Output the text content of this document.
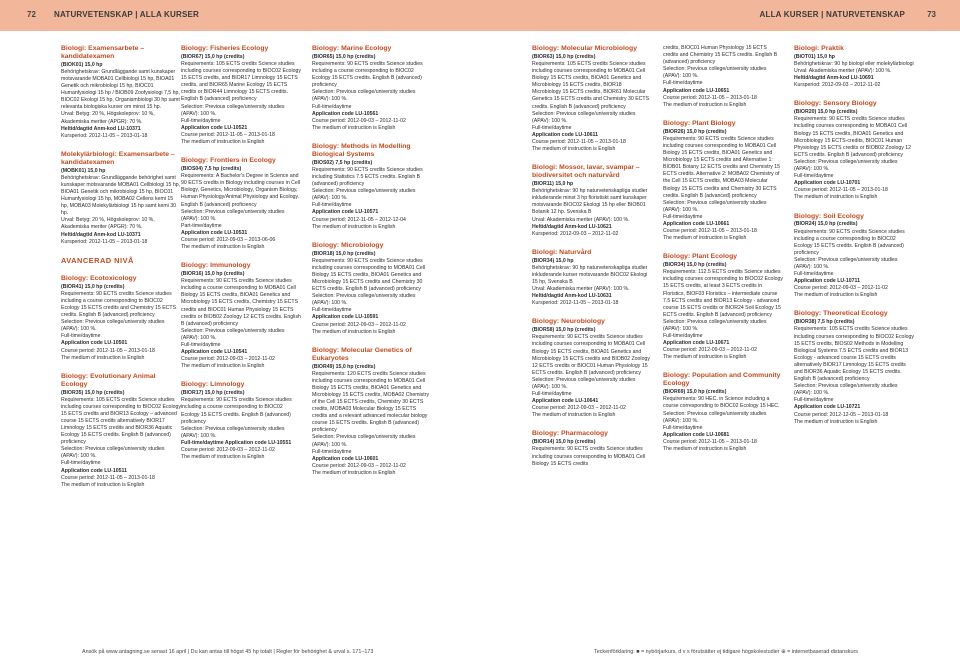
72 NATURVETENSKAP | ALLA KURSER	ALLA KURSER | NATURVETENSKAP	73
Biologi: Examensarbete – kandidatexamen
(BIOK01) 15,0 hp
Behörighetskrav: Grundläggande samt kunskaper motsvarande MOBA01 Cellbiologi 15 hp, BIOA01 Genetik och mikrobiologi 15 hp, BIOC01 Humanfysiologi 15 hp / BIOB09 Zoofysiologi 7,5 hp, BIOC02 Ekologi 15 hp, Organismbiologi 30 hp samt relevanta biologiska kurser om minst 15 hp.
Urval: Betyg: 20 %, Högskoleprov: 10 %, Akademiska meriter (APGR): 70 %.
Heltid/dagtid Anm-kod LU-10371
Kursperiod: 2012-11-05 – 2013-01-18
Molekylärbiologi: Examensarbete – kandidatexamen
(MOBK01) 15,0 hp
Behörighetskrav: Grundläggande behörighet samt kunskaper motsvarande MOBA01 Cellbiologi 15 hp, BIOA01 Genetik och mikrobiologi 15 hp, BIOC01 Humanfysiologi 15 hp, MOBA02 Cellens kemi 15 hp, MOBA03 Molekylärbiologi 15 hp samt kemi 30 hp.
Urval: Betyg: 20 %, Högskoleprov: 10 %, Akademiska meriter (APGR): 70 %.
Heltid/dagtid Anm-kod LU-10371
Kursperiod: 2012-11-05 – 2013-01-18
AVANCERAD NIVÅ
Biology: Ecotoxicology
(BIOR41) 15,0 hp (credits)
Requirements: 90 ECTS credits Science studies including a course corresponding to BIOC02 Ecology 15 ECTS credits and Chemistry 15 ECTS credits. English B (advanced) proficiency
Selection: Previous college/university studies (APAV): 100 %.
Full-time/daytime
Application code LU-10501
Course period: 2012-11-05 – 2013-01-18
The medium of instruction is English
Biology: Evolutionary Animal Ecology
(BIOR35) 15,0 hp (credits)
Requirements: 105 ECTS credits Science studies including courses corresponding to BIOC02 Ecology 15 ECTS credits and BIOR13 Ecology – advanced course 15 ECTS credits alternatively BIOR17 Limnology 15 ECTS credits and BIOR36 Aquatic Ecology 15 ECTS credits. English B (advanced) proficiency
Selection: Previous college/university studies (APAV): 100 %.
Full-time/daytime
Application code LU-10511
Course period: 2012-11-05 – 2013-01-18
The medium of instruction is English
Biology: Fisheries Ecology
(BIOR67) 15,0 hp (credits)
Requirements: 105 ECTS credits Science studies including courses corresponding to BIOC02 Ecology 15 ECTS credits, and BIOR17 Limnology 15 ECTS credits, and BIOR65 Marine Ecology 15 ECTS credits or BIOR44 Limnology 15 ECTS credits. English B (advanced) proficiency
Selection: Previous college/university studies (APAV): 100 %.
Full-time/daytime
Application code LU-10521
Course period: 2012-11-05 – 2013-01-18
The medium of instruction is English
Biology: Frontiers in Ecology
(BIOS04) 7,5 hp (credits)
Requirements: A Bachelor's Degree in Science and 90 ECTS credits in Biology including courses in Cell Biology, Genetics, Microbiology, Organism Biology, Human Physiology/Animal Physiology and Ecology. English B (advanced) proficiency
Selection: Previous college/university studies (APAV): 100 %.
Part-time/daytime
Application code LU-10531
Course period: 2012-09-03 – 2013-06-06
The medium of instruction is English
Biology: Immunology
(BIOR16) 15,0 hp (credits)
Requirements: 90 ECTS credits Science studies including a course corresponding to MOBA01 Cell Biology 15 ECTS credits, BIOA01 Genetics and Microbiology 15 ECTS credits, Chemistry 15 ECTS credits and BIOC01 Human Physiology 15 ECTS credits or BIOB02 Zoology 12 ECTS credits. English B (advanced) proficiency
Selection: Previous college/university studies (APAV): 100 %.
Full-time/daytime
Application code LU-10541
Course period: 2012-09-03 – 2012-11-02
The medium of instruction is English
Biology: Limnology
(BIOR17) 15,0 hp (credits)
Requirements: 90 ECTS credits Science studies including a course corresponding to BIOC02 Ecology 15 ECTS credits. English B (advanced) proficiency
Selection: Previous college/university studies (APAV): 100 %.
Full-time/daytime Application code LU-10551
Course period: 2012-09-03 – 2012-11-02
The medium of instruction is English
Biology: Marine Ecology
(BIOR65) 15,0 hp (credits)
Requirements: 90 ECTS credits Science studies including a course corresponding to BIOC02 Ecology 15 ECTS credits. English B (advanced) proficiency
Selection: Previous college/university studies (APAV): 100 %.
Full-time/daytime
Application code LU-10561
Course period: 2012-09-03 – 2012-11-02
The medium of instruction is English
Biology: Methods in Modelling Biological Systems
(BIOS02) 7,5 hp (credits)
Requirements: 90 ECTS credits Science studies including Statistics 7.5 ECTS credits. English B (advanced) proficiency
Selection: Previous college/university studies (APAV): 100 %.
Full-time/daytime
Application code LU-10571
Course period: 2012-11-05 – 2012-12-04
The medium of instruction is English
Biology: Microbiology
(BIOR18) 15,0 hp (credits)
Requirements: 90 ECTS credits Science studies including courses corresponding to MOBA01 Cell Biology 15 ECTS credits, BIOA01 Genetics and Microbiology 15 ECTS credits and Chemistry 30 ECTS credits. English B (advanced) proficiency
Selection: Previous college/university studies (APAV): 100 %.
Full-time/daytime
Application code LU-10591
Course period: 2012-09-03 – 2012-11-02
The medium of instruction is English
Biology: Molecular Genetics of Eukaryotes
(BIOR49) 15,0 hp (credits)
Requirements: 120 ECTS credits Science studies including courses corresponding to MOBA01 Cell Biology 15 ECTS credits, BIOA01 Genetics and Microbiology 15 ECTS credits, MOBA02 Chemistry of the Cell 15 ECTS credits, Chemistry 30 ECTS credits, MOBA03 Molecular Biology 15 ECTS credits and a relevant advanced molecular biology course 15 ECTS credits. English B (advanced) proficiency
Selection: Previous college/university studies (APAV): 100 %.
Full-time/daytime
Application code LU-10601
Course period: 2012-09-03 – 2012-11-02
The medium of instruction is English
Biology: Molecular Microbiology
(BIOR63) 15,0 hp (credits)
Requirements: 105 ECTS credits Science studies including courses corresponding to MOBA01 Cell Biology 15 ECTS credits, BIOA01 Genetics and Microbiology 15 ECTS credits, BIOR18 Microbiology 15 ECTS credits, BIOR61 Molecular Genetics 15 ECTS credits and Chemistry 30 ECTS credits. English B (advanced) proficiency
Selection: Previous college/university studies (APAV): 100 %.
Full-time/daytime
Application code LU-10611
Course period: 2012-11-05 – 2013-01-18
The medium of instruction is English
Biologi: Mossor, lavar, svampar – biodiversitet och naturvård
(BIOR11) 15,0 hp
Behörighetskrav: 90 hp naturvetenskapliga studier inkluderande minst 3 hp floristiskt samt kunskaper motsvarande BIOC02 Ekologi 15 hp eller BIOB01 Botanik 12 hp. Svenska B
Urval: Akademiska meriter (APAV): 100 %.
Heltid/dagtid Anm-kod LU-10621
Kursperiod: 2012-09-03 – 2012-11-02
Biologi: Naturvård
(BIOR34) 15,0 hp
Behörighetskrav: 90 hp naturvetenskapliga studier inkluderande kurser motsvarande BIOC02 Ekologi 15 hp, Svenska B
Urval: Akademiska meriter (APAV): 100 %.
Heltid/dagtid Anm-kod LU-10631
Kursperiod: 2012-11-05 – 2013-01-18
Biology: Neurobiology
(BIOR58) 15,0 hp (credits)
Requirements: 90 ECTS credits Science studies including courses corresponding to MOBA01 Cell Biology 15 ECTS credits, BIOA01 Genetics and Microbiology 15 ECTS credits and BIOB02 Zoology 12 ECTS credits or BIOC01 Human Physiology 15 ECTS credits. English B (advanced) proficiency
Selection: Previous college/university studies (APAV): 100 %.
Full-time/daytime
Application code LU-10641
Course period: 2012-09-03 – 2012-11-02
The medium of instruction is English
Biology: Pharmacology
(BIOR14) 15,0 hp (credits)
Requirements: 90 ECTS credits Science studies including courses corresponding to MOBA01 Cell Biology 15 ECTS credits
credits, BIOC01 Human Physiology 15 ECTS credits and Chemistry 15 ECTS credits. English B (advanced) proficiency
Selection: Previous college/university studies (APAV): 100 %.
Full-time/daytime
Application code LU-10651
Course period: 2012-11-05 – 2013-01-18
The medium of instruction is English
Biology: Plant Biology
(BIOR26) 15,0 hp (credits)
Requirements: 90 ECTS credits Science studies including courses corresponding to MOBA01 Cell Biology 15 ECTS credits, BIOA01 Genetics and Microbiology 15 ECTS credits and Alternative 1: BIOB01 Botany 12 ECTS credits and Chemistry 15 ECTS credits. Alternative 2: MOBA02 Chemistry of the Cell 15 ECTS credits, MOBA03 Molecular Biology 15 ECTS credits and Chemistry 30 ECTS credits. English B (advanced) proficiency
Selection: Previous college/university studies (APAV): 100 %.
Full-time/daytime
Application code LU-10661
Course period: 2012-11-05 – 2013-01-18
The medium of instruction is English
Biology: Plant Ecology
(BIOR34) 15,0 hp (credits)
Requirements: 112.5 ECTS credits Science studies including courses corresponding to BIOC02 Ecology 15 ECTS credits, at least 3 ECTS credits in Floristics, BIOF03 Floristics – intermediate course 7.5 ECTS credits and BIOR13 Ecology - advanced course 15 ECTS credits or BIOR24 Soil Ecology 15 ECTS credits. English B (advanced) proficiency
Selection: Previous college/university studies (APAV): 100 %.
Full-time/daytime
Application code LU-10671
Course period: 2012-09-03 – 2012-11-02
The medium of instruction is English
Biology: Population and Community Ecology
(BIOR69) 15,0 hp (credits)
Requirements: 90 HEC. in Science including a course corresponding to BIOC02 Ecology 15 HEC.
Selection: Previous college/university studies (APAV): 100 %.
Full-time/daytime
Application code LU-10681
Course period: 2012-11-05 – 2013-01-18
The medium of instruction is English
Biologi: Praktik
(BIOT01) 15,0 hp
Behörighetskrav: 90 hp biologi eller molekylärbiologi
Urval: Akademiska meriter (APAV): 100 %.
Heltid/dagtid Anm-kod LU-10691
Kursperiod: 2012-09-03 – 2012-11-02
Biology: Sensory Biology
(BIOR20) 15,0 hp (credits)
Requirements: 90 ECTS credits Science studies including courses corresponding to MOBA01 Cell Biology 15 ECTS credits, BIOA01 Genetics and Microbiology 15 ECTS-credits, BIOC01 Human Physiology 15 ECTS credits or BIOB02 Zoology 12 ECTS credits. English B (advanced) proficiency
Selection: Previous college/university studies (APAV): 100 %.
Full-time/daytime
Application code LU-10701
Course period: 2012-11-05 – 2013-01-18
The medium of instruction is English
Biology: Soil Ecology
(BIOR24) 15,0 hp (credits)
Requirements: 90 ECTS credits Science studies including a course corresponding to BIOC02 Ecology 15 ECTS credits. English B (advanced) proficiency
Selection: Previous college/university studies (APAV): 100 %.
Full-time/daytime
Application code LU-10711
Course period: 2012-09-03 – 2012-11-02
The medium of instruction is English
Biology: Theoretical Ecology
(BIOR38) 7,5 hp (credits)
Requirements: 105 ECTS credits Science studies including courses corresponding to BIOC02 Ecology 15 ECTS credits, BIOS02 Methods in Modelling Biological Systems 7.5 ECTS credits and BIOR13 Ecology - advanced course 15 ECTS credits alternatively BIOR17 Limnology 15 ECTS credits and BIOR36 Aquatic Ecology 15 ECTS credits. English B (advanced) proficiency
Selection: Previous college/university studies (APAV): 100 %.
Full-time/daytime
Application code LU-10721
Course period: 2012-12-05 – 2013-01-18
The medium of instruction is English
Ansök på www.antagning.se senast 16 april | Du kan antas till högst 45 hp totalt | Regler för behörighet & urval s. 171–173	Teckenförklaring: ■ = nybörjarkurs, d v s förutsätter ej tidigare högskolestudier ⊕ = internetbaserad distanskurs
